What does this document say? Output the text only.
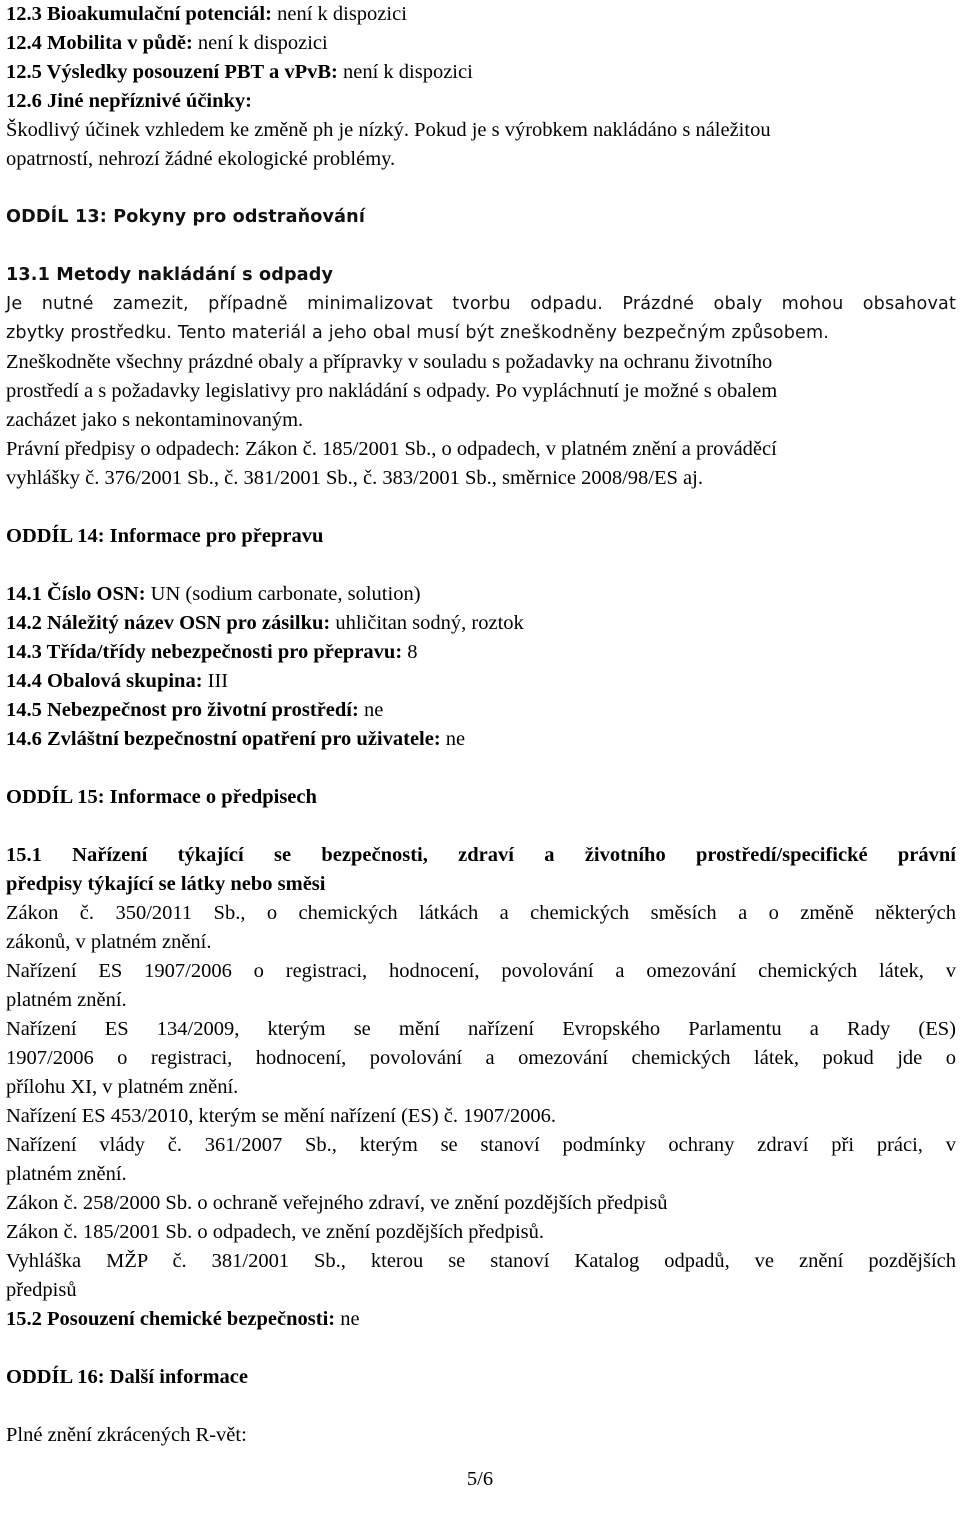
12.3 Bioakumulační potenciál: není k dispozici
12.4 Mobilita v půdě: není k dispozici
12.5 Výsledky posouzení PBT a vPvB: není k dispozici
12.6 Jiné nepříznivé účinky:
Škodlivý účinek vzhledem ke změně ph je nízký. Pokud je s výrobkem nakládáno s náležitou
opatrností, nehrozí žádné ekologické problémy.
ODDÍL 13: Pokyny pro odstraňování
13.1 Metody nakládání s odpady
Je nutné zamezit, případně minimalizovat tvorbu odpadu. Prázdné obaly mohou obsahovat
zbytky prostředku. Tento materiál a jeho obal musí být zneškodněny bezpečným způsobem.
Zneškodněte všechny prázdné obaly a přípravky v souladu s požadavky na ochranu životního
prostředí a s požadavky legislativy pro nakládání s odpady. Po vypláchnutí je možné s obalem
zacházet jako s nekontaminovaným.
Právní předpisy o odpadech: Zákon č. 185/2001 Sb., o odpadech, v platném znění a prováděcí
vyhlášky č. 376/2001 Sb., č. 381/2001 Sb., č. 383/2001 Sb., směrnice 2008/98/ES aj.
ODDÍL 14: Informace pro přepravu
14.1 Číslo OSN: UN (sodium carbonate, solution)
14.2 Náležitý název OSN pro zásilku: uhličitan sodný, roztok
14.3 Třída/třídy nebezpečnosti pro přepravu: 8
14.4 Obalová skupina: III
14.5 Nebezpečnost pro životní prostředí: ne
14.6 Zvláštní bezpečnostní opatření pro uživatele: ne
ODDÍL 15: Informace o předpisech
15.1 Nařízení týkající se bezpečnosti, zdraví a životního prostředí/specifické právní
předpisy týkající se látky nebo směsi
Zákon č. 350/2011 Sb., o chemických látkách a chemických směsích a o změně některých
zákonů, v platném znění.
Nařízení ES 1907/2006 o registraci, hodnocení, povolování a omezování chemických látek, v
platném znění.
Nařízení ES 134/2009, kterým se mění nařízení Evropského Parlamentu a Rady (ES)
1907/2006 o registraci, hodnocení, povolování a omezování chemických látek, pokud jde o
přílohu XI, v platném znění.
Nařízení ES 453/2010, kterým se mění nařízení (ES) č. 1907/2006.
Nařízení vlády č. 361/2007 Sb., kterým se stanoví podmínky ochrany zdraví při práci, v
platném znění.
Zákon č. 258/2000 Sb. o ochraně veřejného zdraví, ve znění pozdějších předpisů
Zákon č. 185/2001 Sb. o odpadech, ve znění pozdějších předpisů.
Vyhláška MŽP č. 381/2001 Sb., kterou se stanoví Katalog odpadů, ve znění pozdějších
předpisů
15.2 Posouzení chemické bezpečnosti: ne
ODDÍL 16: Další informace
Plné znění zkrácených R-vět:
5/6
